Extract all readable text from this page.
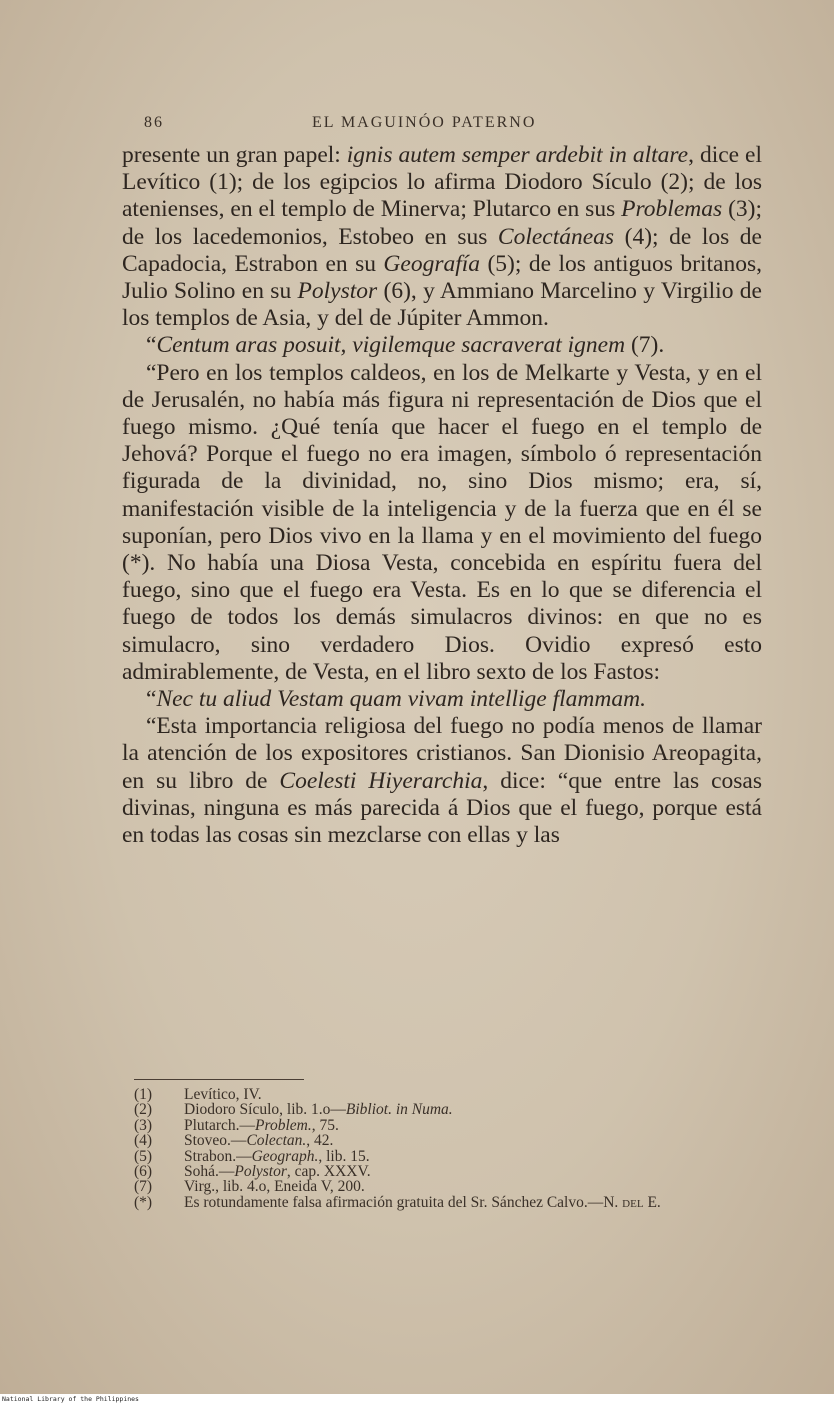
86	EL MAGUINÓO PATERNO

presente un gran papel: ignis autem semper ardebit in altare, dice el Levítico (1); de los egipcios lo afirma Diodoro Sículo (2); de los atenienses, en el templo de Minerva; Plutarco en sus Problemas (3); de los lacedemonios, Estobeo en sus Colectáneas (4); de los de Capadocia, Estrabon en su Geografía (5); de los antiguos britanos, Julio Solino en su Polystor (6), y Ammiano Marcelino y Virgilio de los templos de Asia, y del de Júpiter Ammon.

“Centum aras posuit, vigilemque sacraverat ignem (7).

“Pero en los templos caldeos, en los de Melkarte y Vesta, y en el de Jerusalén, no había más figura ni representación de Dios que el fuego mismo. ¿Qué tenía que hacer el fuego en el templo de Jehová? Porque el fuego no era imagen, símbolo ó representación figurada de la divinidad, no, sino Dios mismo; era, sí, manifestación visible de la inteligencia y de la fuerza que en él se suponían, pero Dios vivo en la llama y en el movimiento del fuego (*). No había una Diosa Vesta, concebida en espíritu fuera del fuego, sino que el fuego era Vesta. Es en lo que se diferencia el fuego de todos los demás simulacros divinos: en que no es simulacro, sino verdadero Dios. Ovidio expresó esto admirablemente, de Vesta, en el libro sexto de los Fastos:

“Nec tu aliud Vestam quam vivam intellige flammam.

“Esta importancia religiosa del fuego no podía menos de llamar la atención de los expositores cristianos. San Dionisio Areopagita, en su libro de Coelesti Hiyerarchia, dice: “que entre las cosas divinas, ninguna es más parecida á Dios que el fuego, porque está en todas las cosas sin mezclarse con ellas y las

(1)	Levítico, IV.
(2)	Diodoro Sículo, lib. 1.o— Bibliot. in Numa.
(3)	Plutarch.— Problem. , 75.
(4)	Stoveo.— Colectan. , 42.
(5)	Strabon.— Geograph. , lib. 15.
(6)	Sohá.— Polystor , cap. XXXV.
(7)	Virg., lib. 4.o, Eneida V, 200.
(*) Es rotundamente falsa afirmación gratuita del Sr. Sánchez Calvo.—N. del E.
National Library of the Philippines
